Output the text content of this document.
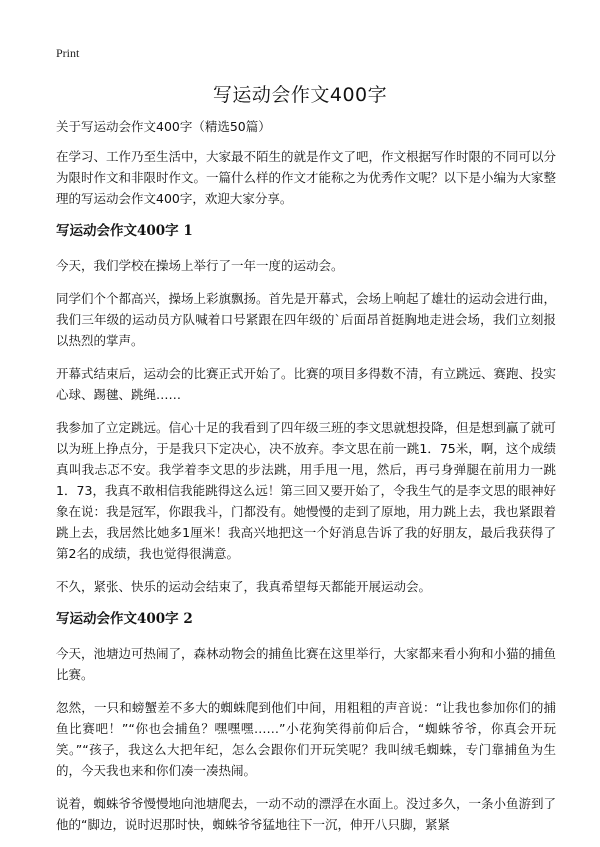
Print
写运动会作文400字
关于写运动会作文400字（精选50篇）

在学习、工作乃至生活中，大家最不陌生的就是作文了吧，作文根据写作时限的不同可以分为限时作文和非限时作文。一篇什么样的作文才能称之为优秀作文呢？以下是小编为大家整理的写运动会作文400字，欢迎大家分享。

写运动会作文400字 1

今天，我们学校在操场上举行了一年一度的运动会。

同学们个个都高兴，操场上彩旗飘扬。首先是开幕式，会场上响起了雄壮的运动会进行曲，我们三年级的运动员方队喊着口号紧跟在四年级的`后面昂首挺胸地走进会场，我们立刻报以热烈的掌声。

开幕式结束后，运动会的比赛正式开始了。比赛的项目多得数不清，有立跳远、赛跑、投实心球、踢毽、跳绳……

我参加了立定跳远。信心十足的我看到了四年级三班的李文思就想投降，但是想到赢了就可以为班上挣点分，于是我只下定决心，决不放弃。李文思在前一跳1．75米，啊，这个成绩真叫我忐忑不安。我学着李文思的步法跳，用手甩一甩，然后，再弓身弹腿在前用力一跳1．73，我真不敢相信我能跳得这么远！第三回又要开始了，令我生气的是李文思的眼神好象在说：我是冠军，你跟我斗，门都没有。她慢慢的走到了原地，用力跳上去，我也紧跟着跳上去，我居然比她多1厘米！我高兴地把这一个好消息告诉了我的好朋友，最后我获得了第2名的成绩，我也觉得很满意。

不久，紧张、快乐的运动会结束了，我真希望每天都能开展运动会。

写运动会作文400字 2

今天，池塘边可热闹了，森林动物会的捕鱼比赛在这里举行，大家都来看小狗和小猫的捕鱼比赛。

忽然，一只和螃蟹差不多大的蜘蛛爬到他们中间，用粗粗的声音说：“让我也参加你们的捕鱼比赛吧！”“你也会捕鱼？嘿嘿嘿……”小花狗笑得前仰后合，“蜘蛛爷爷，你真会开玩笑。”“孩子，我这么大把年纪，怎么会跟你们开玩笑呢？我叫绒毛蜘蛛，专门靠捕鱼为生的，今天我也来和你们凑一凑热闹。

说着，蜘蛛爷爷慢慢地向池塘爬去，一动不动的漂浮在水面上。没过多久，一条小鱼游到了他的“脚边，说时迟那时快，蜘蛛爷爷猛地往下一沉，伸开八只脚，紧紧
